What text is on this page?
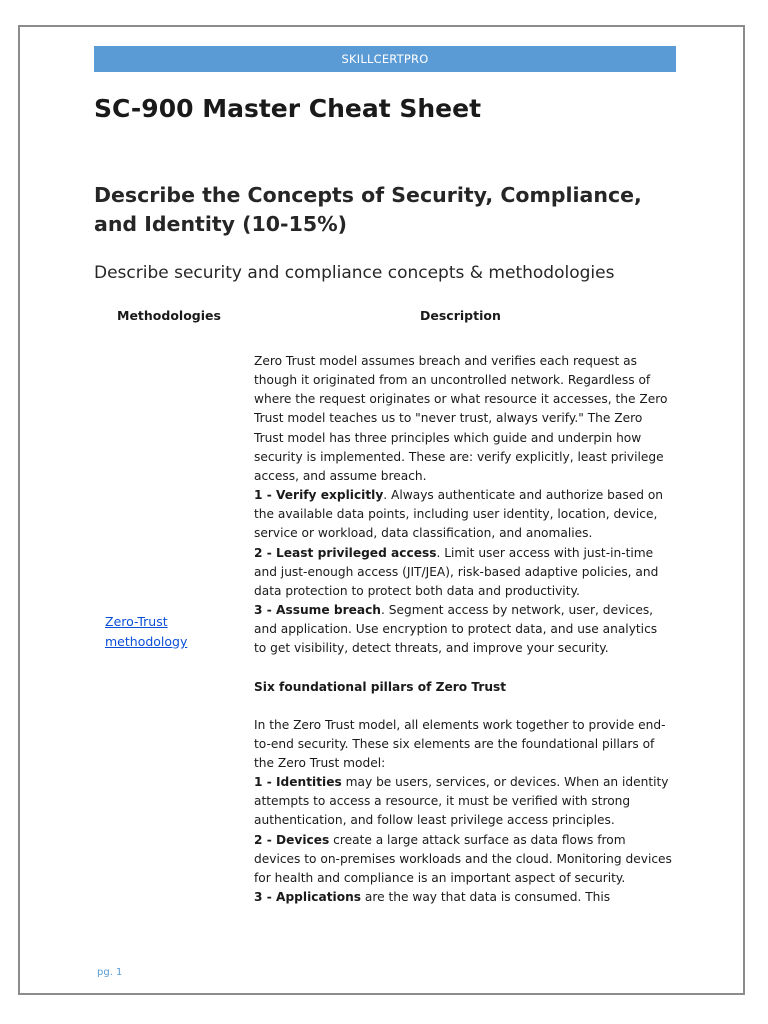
SKILLCERTPRO
SC-900 Master Cheat Sheet
Describe the Concepts of Security, Compliance, and Identity (10-15%)
Describe security and compliance concepts & methodologies
Methodologies	Description
Zero-Trust methodology

Zero Trust model assumes breach and verifies each request as though it originated from an uncontrolled network. Regardless of where the request originates or what resource it accesses, the Zero Trust model teaches us to "never trust, always verify." The Zero Trust model has three principles which guide and underpin how security is implemented. These are: verify explicitly, least privilege access, and assume breach.

1 - Verify explicitly. Always authenticate and authorize based on the available data points, including user identity, location, device, service or workload, data classification, and anomalies.

2 - Least privileged access. Limit user access with just-in-time and just-enough access (JIT/JEA), risk-based adaptive policies, and data protection to protect both data and productivity.

3 - Assume breach. Segment access by network, user, devices, and application. Use encryption to protect data, and use analytics to get visibility, detect threats, and improve your security.

Six foundational pillars of Zero Trust

In the Zero Trust model, all elements work together to provide end-to-end security. These six elements are the foundational pillars of the Zero Trust model:

1 - Identities may be users, services, or devices. When an identity attempts to access a resource, it must be verified with strong authentication, and follow least privilege access principles.

2 - Devices create a large attack surface as data flows from devices to on-premises workloads and the cloud. Monitoring devices for health and compliance is an important aspect of security.

3 - Applications are the way that data is consumed. This

pg. 1
